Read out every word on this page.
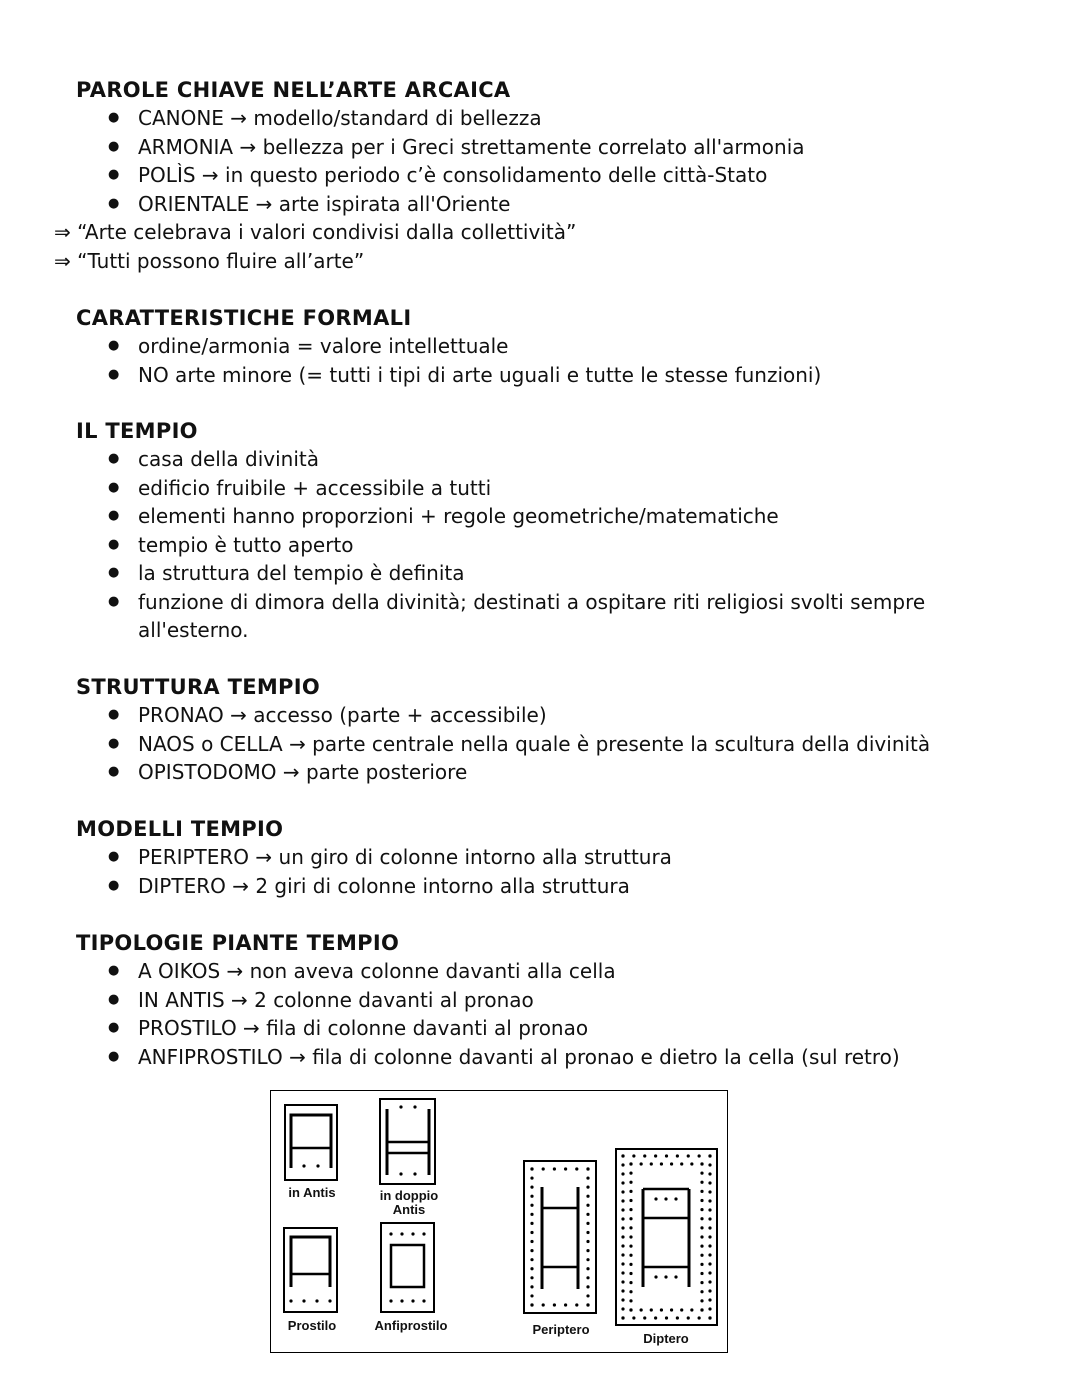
PAROLE CHIAVE NELL’ARTE ARCAICA
● CANONE → modello/standard di bellezza
● ARMONIA → bellezza per i Greci strettamente correlato all'armonia
● POLÌS → in questo periodo c’è consolidamento delle città-Stato
● ORIENTALE → arte ispirata all'Oriente
⇒ “Arte celebrava i valori condivisi dalla collettività”
⇒ “Tutti possono fluire all’arte”
CARATTERISTICHE FORMALI
● ordine/armonia = valore intellettuale
● NO arte minore (= tutti i tipi di arte uguali e tutte le stesse funzioni)
IL TEMPIO
● casa della divinità
● edificio fruibile + accessibile a tutti
● elementi hanno proporzioni + regole geometriche/matematiche
● tempio è tutto aperto
● la struttura del tempio è definita
● funzione di dimora della divinità; destinati a ospitare riti religiosi svolti sempre all'esterno.
STRUTTURA TEMPIO
● PRONAO → accesso (parte + accessibile)
● NAOS o CELLA → parte centrale nella quale è presente la scultura della divinità
● OPISTODOMO → parte posteriore
MODELLI TEMPIO
● PERIPTERO → un giro di colonne intorno alla struttura
● DIPTERO → 2 giri di colonne intorno alla struttura
TIPOLOGIE PIANTE TEMPIO
● A OIKOS → non aveva colonne davanti alla cella
● IN ANTIS → 2 colonne davanti al pronao
● PROSTILO → fila di colonne davanti al pronao
● ANFIPROSTILO → fila di colonne davanti al pronao e dietro la cella (sul retro)
in Antis	in doppio
Antis
Prostilo	Anfiprostilo	Periptero
Diptero
